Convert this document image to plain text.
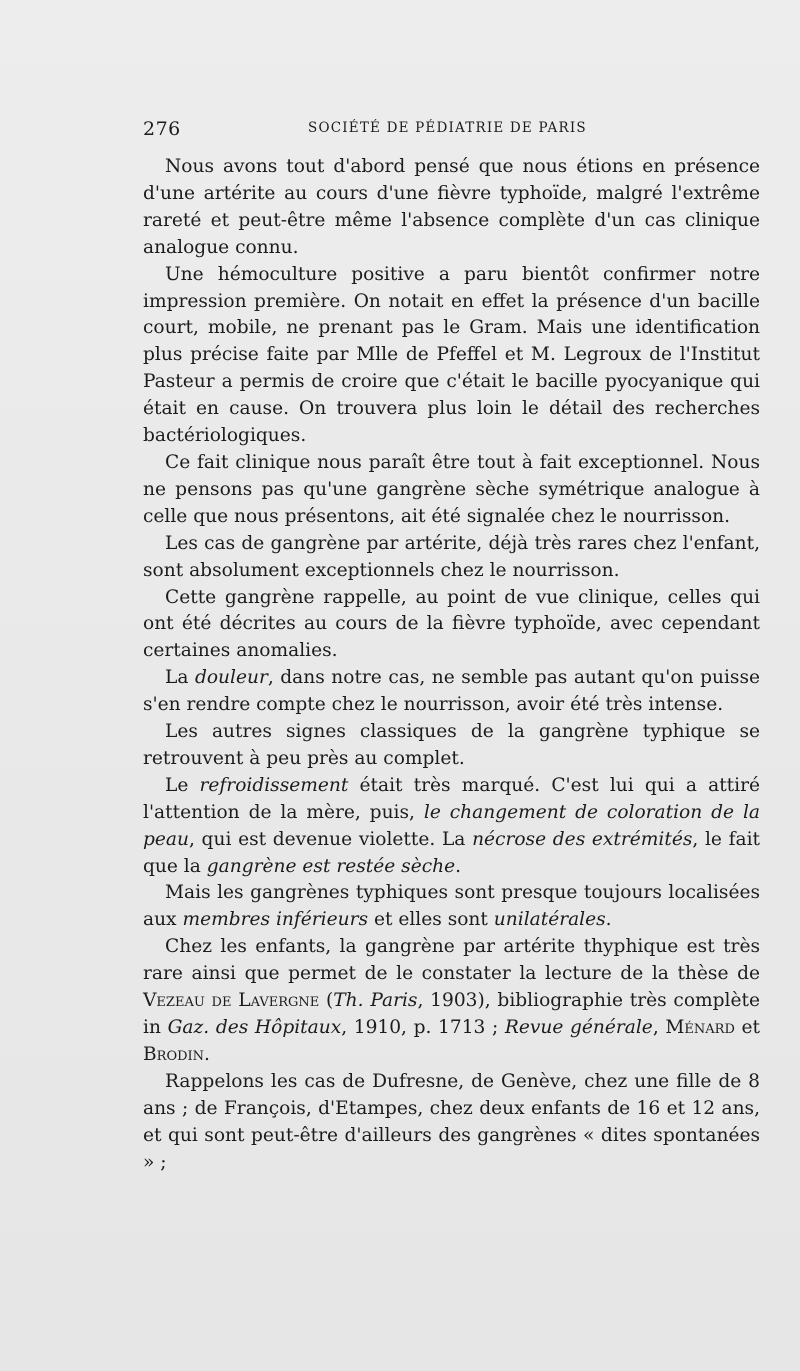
276	SOCIÉTÉ DE PÉDIATRIE DE PARIS

Nous avons tout d'abord pensé que nous étions en présence d'une artérite au cours d'une fièvre typhoïde, malgré l'extrême rareté et peut-être même l'absence complète d'un cas clinique analogue connu.

Une hémoculture positive a paru bientôt confirmer notre impression première. On notait en effet la présence d'un bacille court, mobile, ne prenant pas le Gram. Mais une identification plus précise faite par Mlle de Pfeffel et M. Legroux de l'Institut Pasteur a permis de croire que c'était le bacille pyocyanique qui était en cause. On trouvera plus loin le détail des recherches bactériologiques.

Ce fait clinique nous paraît être tout à fait exceptionnel. Nous ne pensons pas qu'une gangrène sèche symétrique analogue à celle que nous présentons, ait été signalée chez le nourrisson.

Les cas de gangrène par artérite, déjà très rares chez l'enfant, sont absolument exceptionnels chez le nourrisson.

Cette gangrène rappelle, au point de vue clinique, celles qui ont été décrites au cours de la fièvre typhoïde, avec cependant certaines anomalies.

La douleur, dans notre cas, ne semble pas autant qu'on puisse s'en rendre compte chez le nourrisson, avoir été très intense.

Les autres signes classiques de la gangrène typhique se retrouvent à peu près au complet.

Le refroidissement était très marqué. C'est lui qui a attiré l'attention de la mère, puis, le changement de coloration de la peau, qui est devenue violette. La nécrose des extrémités, le fait que la gangrène est restée sèche.

Mais les gangrènes typhiques sont presque toujours localisées aux membres inférieurs et elles sont unilatérales.

Chez les enfants, la gangrène par artérite thyphique est très rare ainsi que permet de le constater la lecture de la thèse de Vezeau de Lavergne (Th. Paris, 1903), bibliographie très complète in Gaz. des Hôpitaux, 1910, p. 1713 ; Revue générale, Ménard et Brodin.

Rappelons les cas de Dufresne, de Genève, chez une fille de 8 ans ; de François, d'Etampes, chez deux enfants de 16 et 12 ans, et qui sont peut-être d'ailleurs des gangrènes « dites spontanées » ;
